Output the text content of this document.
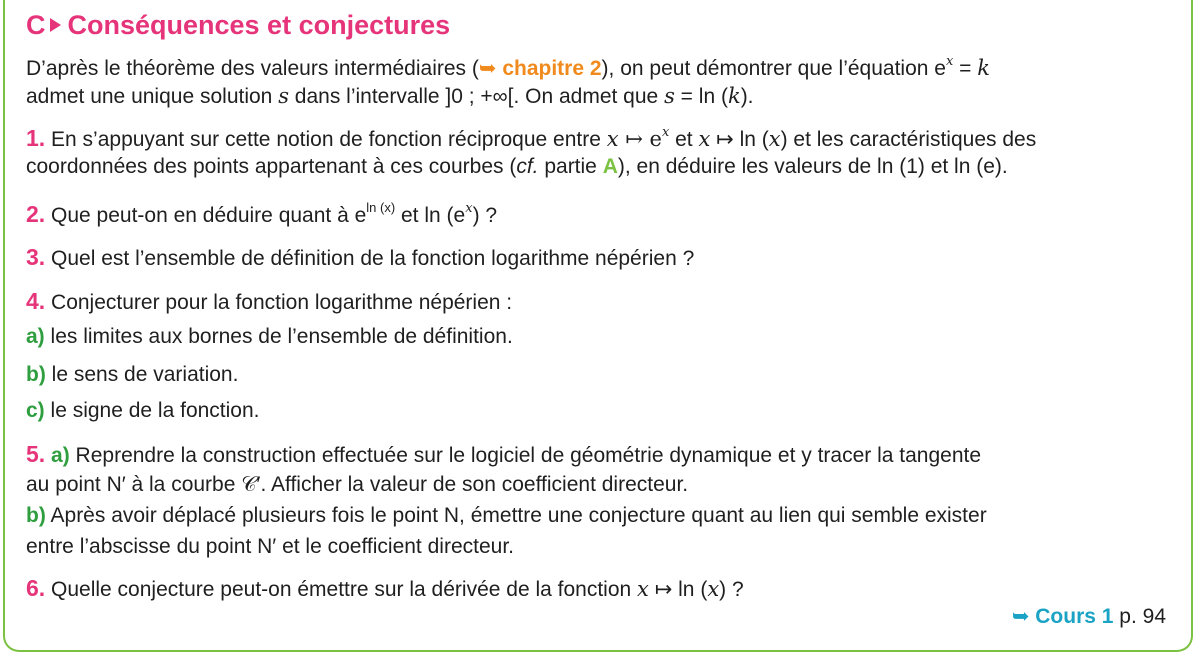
C Conséquences et conjectures
D’après le théorème des valeurs intermédiaires (➥ chapitre 2), on peut démontrer que l’équation $e^x = k$
admet une unique solution s dans l’intervalle ]0 ; +∞[. On admet que s = ln (k).
1. En s’appuyant sur cette notion de fonction réciproque entre x ↦ $e^x$ et x ↦ ln (x) et les caractéristiques des
coordonnées des points appartenant à ces courbes (cf. partie A), en déduire les valeurs de ln (1) et ln (e).
2. Que peut-on en déduire quant à $e^{ln (x)}$ et $\ln (e^x)$ ?
3. Quel est l’ensemble de définition de la fonction logarithme népérien ?
4. Conjecturer pour la fonction logarithme népérien :
a) les limites aux bornes de l’ensemble de définition.
b) le sens de variation.
c) le signe de la fonction.
5. a) Reprendre la construction effectuée sur le logiciel de géométrie dynamique et y tracer la tangente
au point N′ à la courbe 𝒞′. Afficher la valeur de son coefficient directeur.
b) Après avoir déplacé plusieurs fois le point N, émettre une conjecture quant au lien qui semble exister
entre l’abscisse du point N′ et le coefficient directeur.
6. Quelle conjecture peut-on émettre sur la dérivée de la fonction x ↦ ln (x) ?
➥ Cours 1 p. 94
